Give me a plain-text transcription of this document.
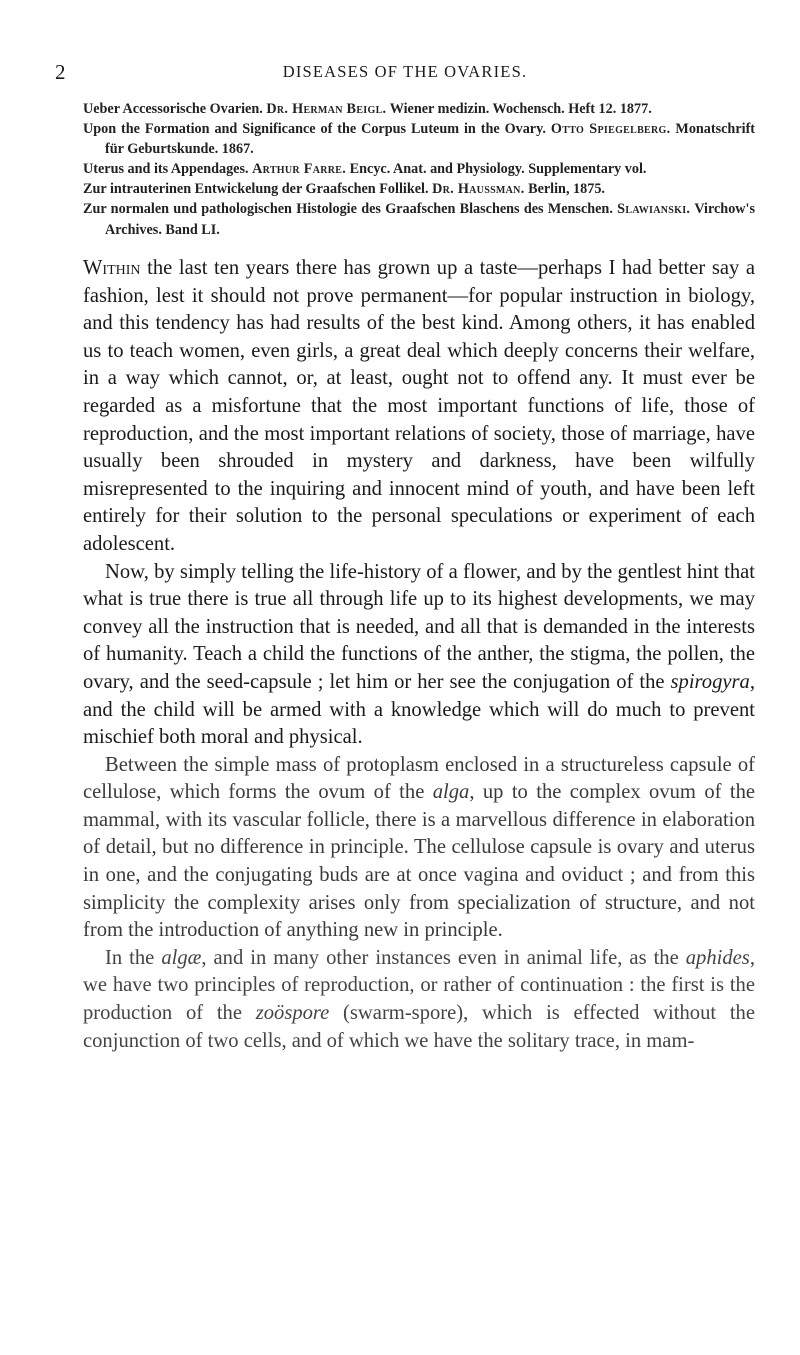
2	DISEASES OF THE OVARIES.
Ueber Accessorische Ovarien. Dr. Herman Beigl. Wiener medizin. Wochensch. Heft 12. 1877.
Upon the Formation and Significance of the Corpus Luteum in the Ovary. Otto Spiegelberg. Monatschrift für Geburtskunde. 1867.
Uterus and its Appendages. Arthur Farre. Encyc. Anat. and Physiology. Supplementary vol.
Zur intrauterinen Entwickelung der Graafschen Follikel. Dr. Haussman. Berlin, 1875.
Zur normalen und pathologischen Histologie des Graafschen Blaschens des Menschen. Slawianski. Virchow's Archives. Band LI.

Within the last ten years there has grown up a taste—perhaps I had better say a fashion, lest it should not prove permanent—for popular instruction in biology, and this tendency has had results of the best kind. Among others, it has enabled us to teach women, even girls, a great deal which deeply concerns their welfare, in a way which cannot, or, at least, ought not to offend any. It must ever be regarded as a misfortune that the most important functions of life, those of reproduction, and the most important relations of society, those of marriage, have usually been shrouded in mystery and darkness, have been wilfully misrepresented to the inquiring and innocent mind of youth, and have been left entirely for their solution to the personal speculations or experiment of each adolescent.

Now, by simply telling the life-history of a flower, and by the gentlest hint that what is true there is true all through life up to its highest developments, we may convey all the instruction that is needed, and all that is demanded in the interests of humanity. Teach a child the functions of the anther, the stigma, the pollen, the ovary, and the seed-capsule ; let him or her see the conjugation of the spirogyra, and the child will be armed with a knowledge which will do much to prevent mischief both moral and physical.

Between the simple mass of protoplasm enclosed in a structureless capsule of cellulose, which forms the ovum of the alga, up to the complex ovum of the mammal, with its vascular follicle, there is a marvellous difference in elaboration of detail, but no difference in principle. The cellulose capsule is ovary and uterus in one, and the conjugating buds are at once vagina and oviduct ; and from this simplicity the complexity arises only from specialization of structure, and not from the introduction of anything new in principle.

In the algæ, and in many other instances even in animal life, as the aphides, we have two principles of reproduction, or rather of continuation : the first is the production of the zoöspore (swarm-spore), which is effected without the conjunction of two cells, and of which we have the solitary trace, in mam-
